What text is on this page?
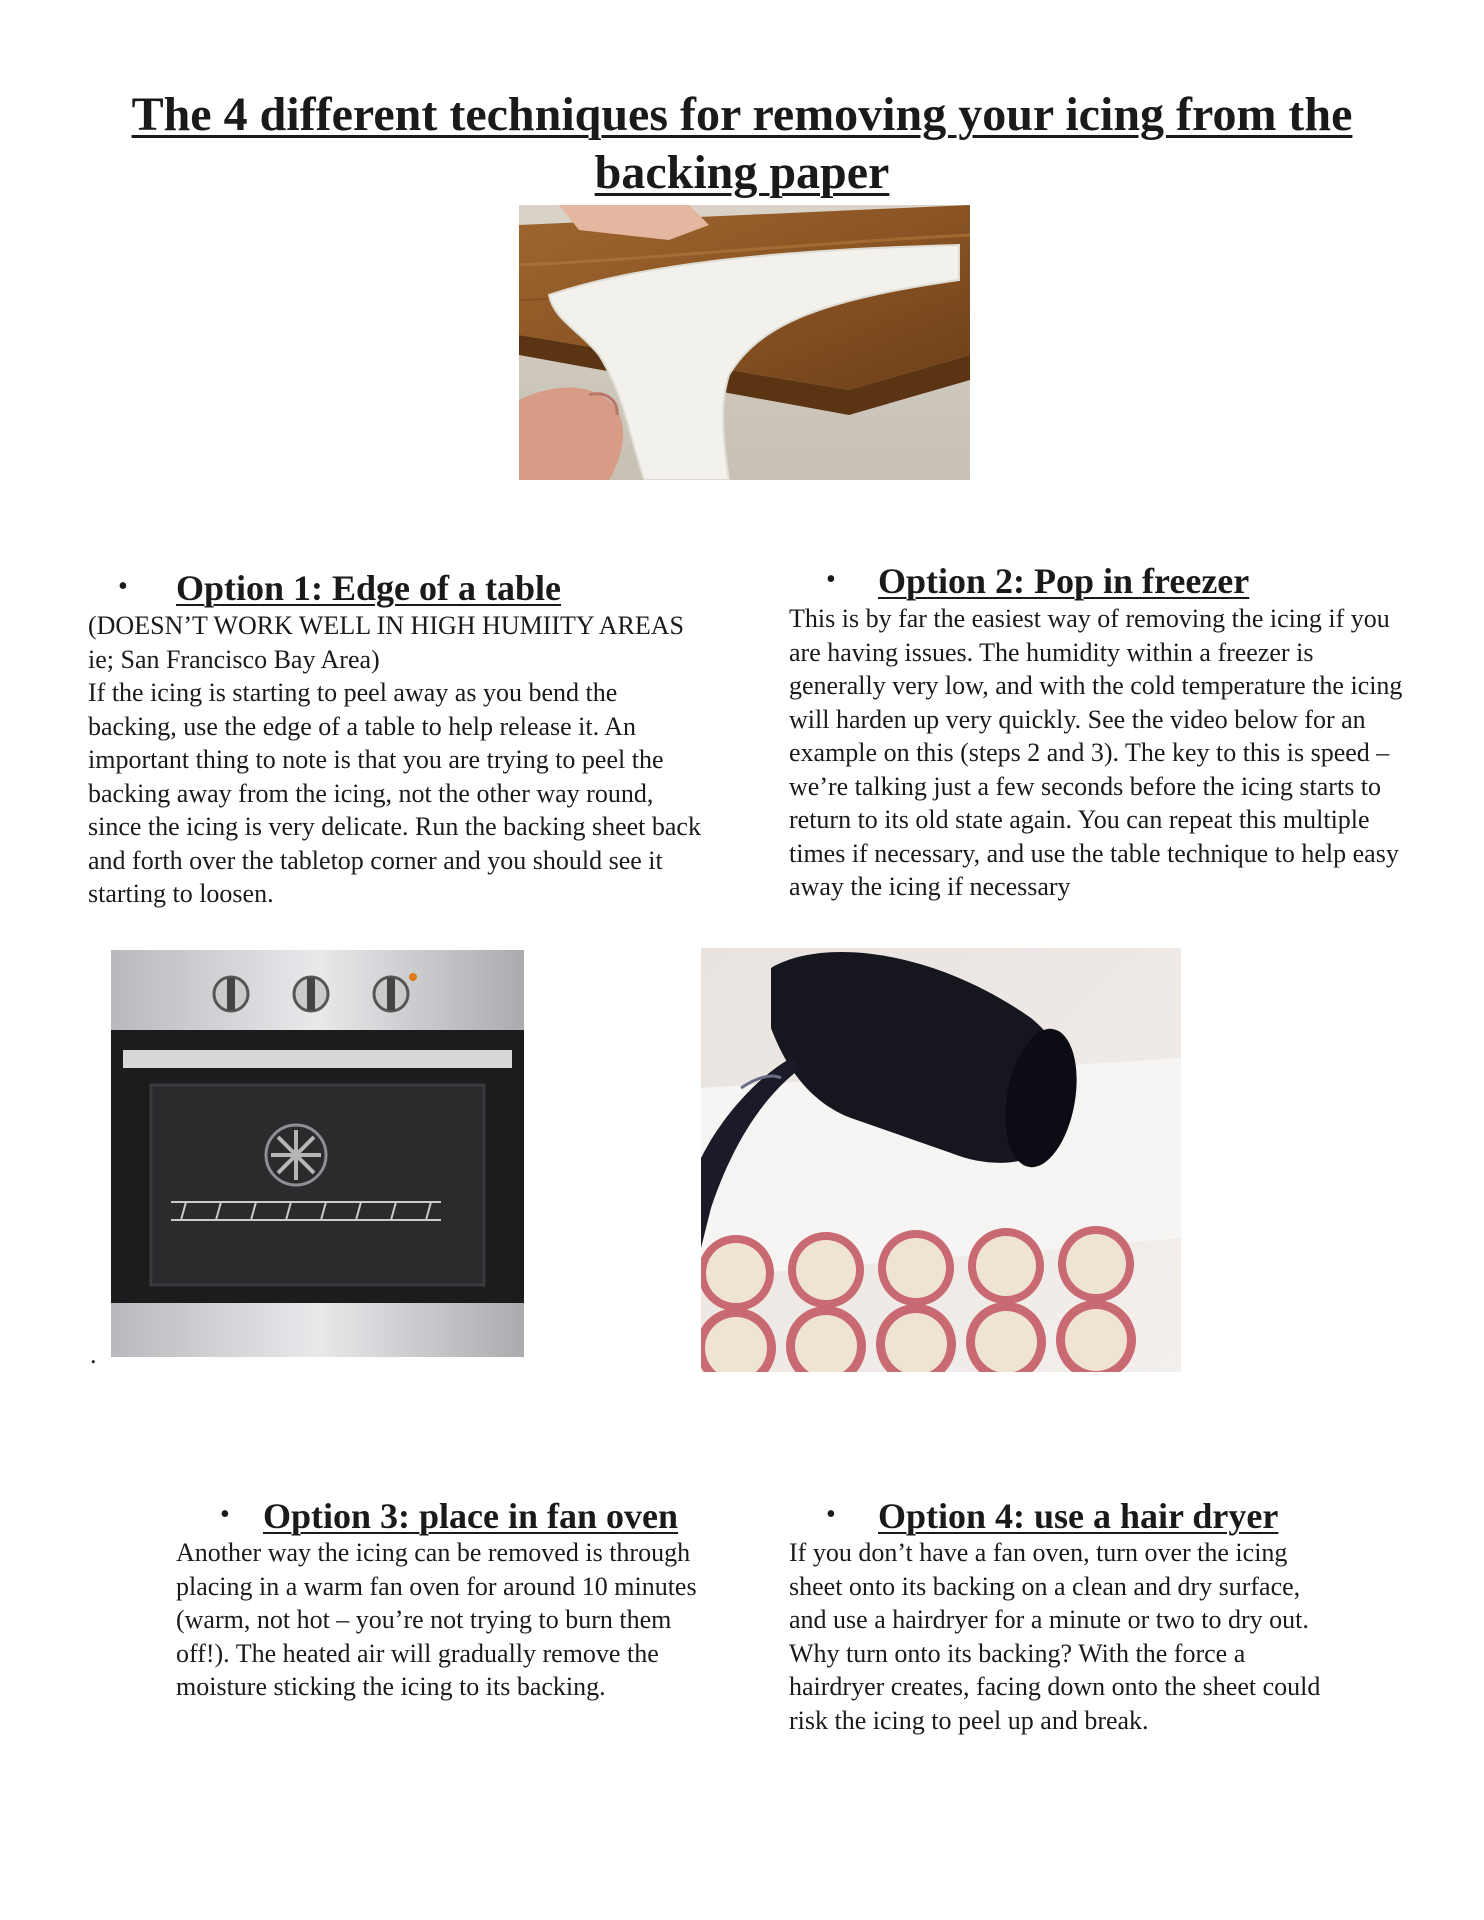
The 4 different techniques for removing your icing from the backing paper
• Option 1: Edge of a table

(DOESN’T WORK WELL IN HIGH HUMIITY AREAS ie; San Francisco Bay Area)

If the icing is starting to peel away as you bend the backing, use the edge of a table to help release it. An important thing to note is that you are trying to peel the backing away from the icing, not the other way round, since the icing is very delicate. Run the backing sheet back and forth over the tabletop corner and you should see it starting to loosen.

• Option 2: Pop in freezer

This is by far the easiest way of removing the icing if you are having issues. The humidity within a freezer is generally very low, and with the cold temperature the icing will harden up very quickly. See the video below for an example on this (steps 2 and 3). The key to this is speed – we’re talking just a few seconds before the icing starts to return to its old state again. You can repeat this multiple times if necessary, and use the table technique to help easy away the icing if necessary

.
• Option 3: place in fan oven

Another way the icing can be removed is through placing in a warm fan oven for around 10 minutes (warm, not hot – you’re not trying to burn them off!). The heated air will gradually remove the moisture sticking the icing to its backing.

• Option 4: use a hair dryer

If you don’t have a fan oven, turn over the icing sheet onto its backing on a clean and dry surface, and use a hairdryer for a minute or two to dry out. Why turn onto its backing? With the force a hairdryer creates, facing down onto the sheet could risk the icing to peel up and break.
